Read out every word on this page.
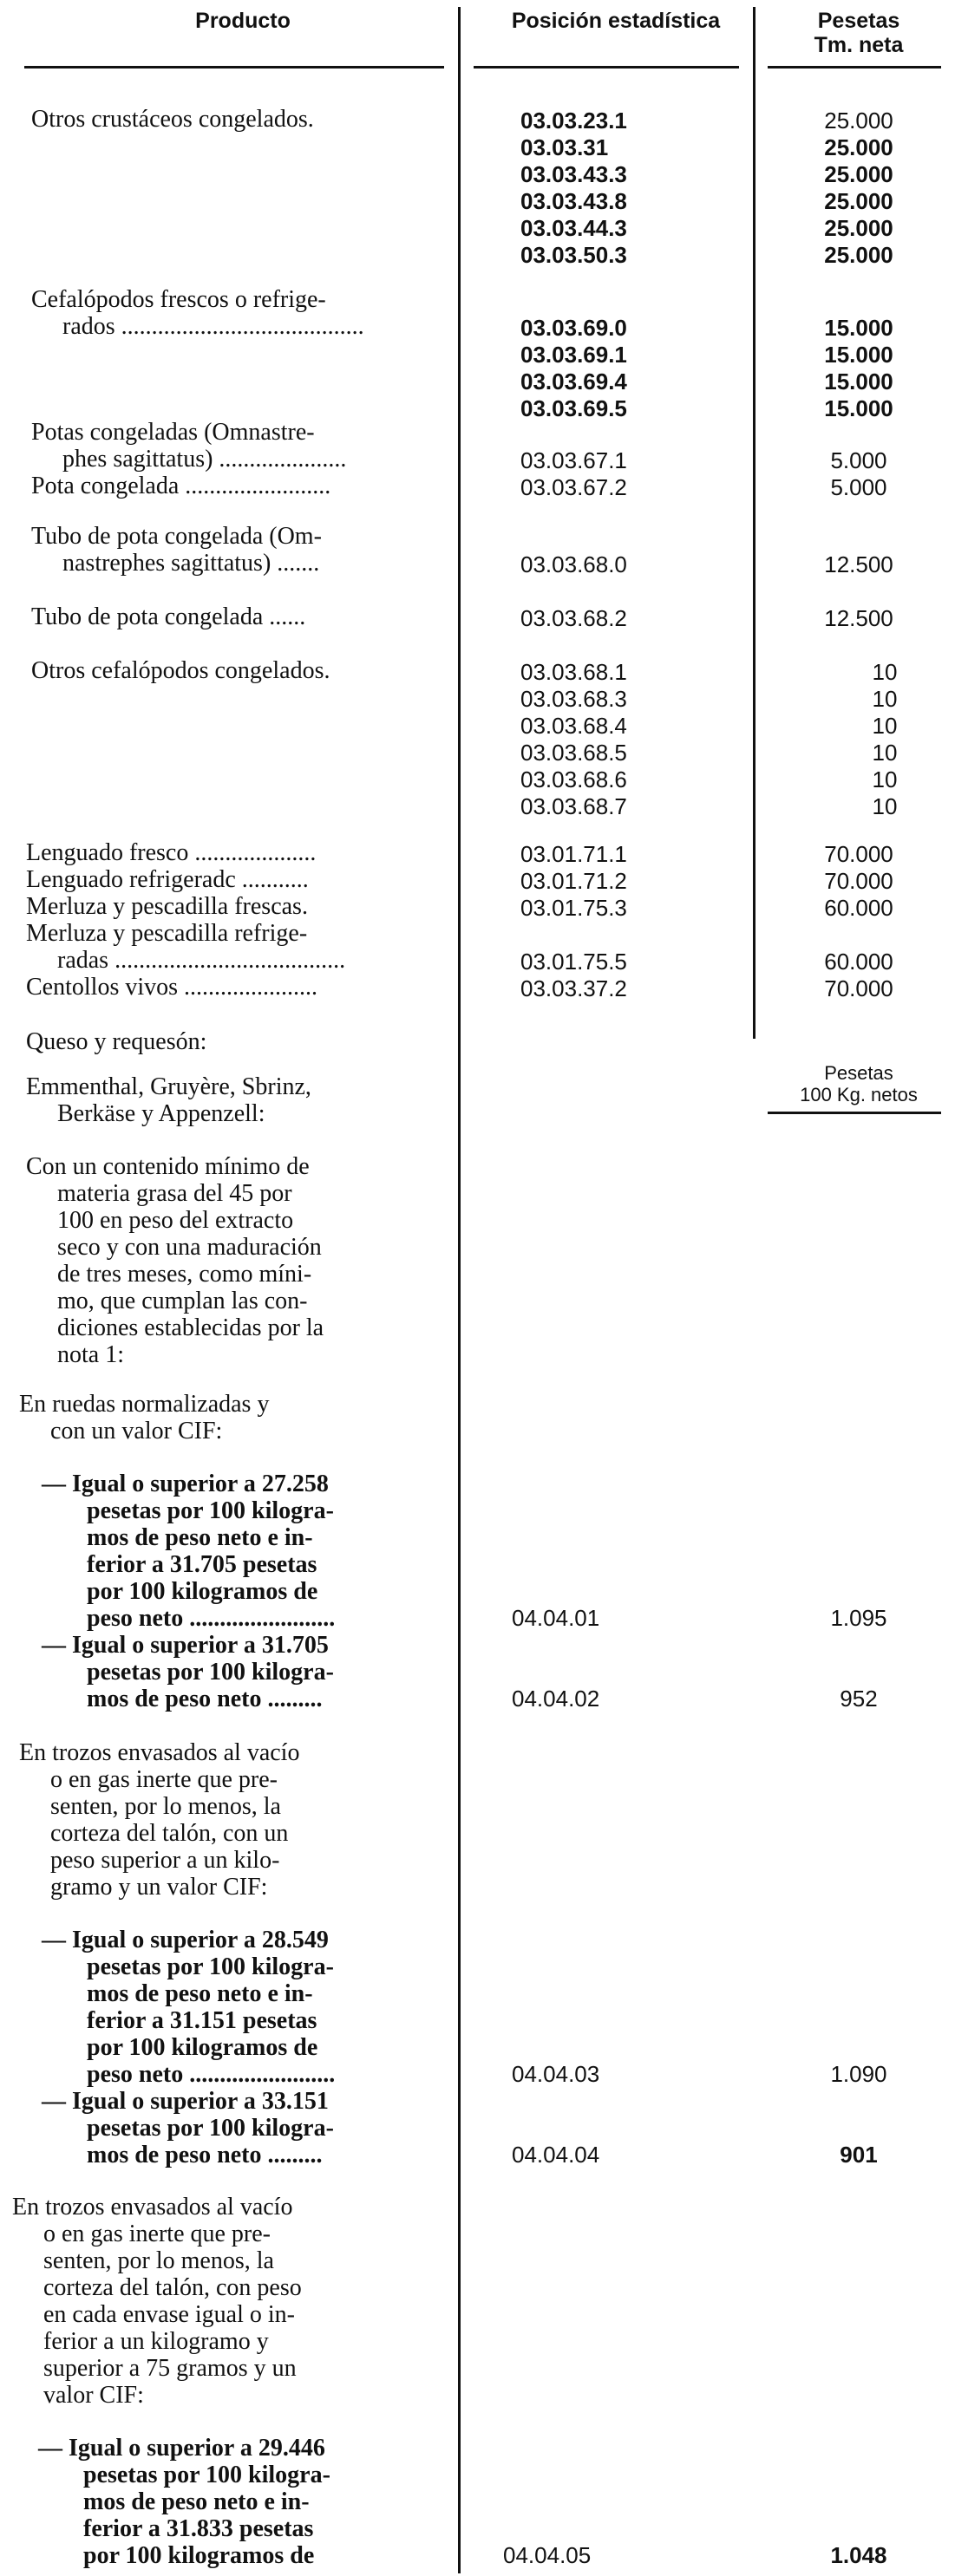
Producto	Posición estadística	Pesetas
Tm. neta
Pesetas
100 Kg. netos
Otros crustáceos congelados.
Cefalópodos frescos o refrige-
rados ........................................
Potas congeladas (Omnastre-
phes sagittatus) .....................
Pota congelada ........................
Tubo de pota congelada (Om-
nastrephes sagittatus) .......
Tubo de pota congelada ......
Otros cefalópodos congelados.
Lenguado fresco ....................
Lenguado refrigeradc ...........
Merluza y pescadilla frescas.
Merluza y pescadilla refrige-
radas ......................................
Centollos vivos ......................
Queso y requesón:
Emmenthal, Gruyère, Sbrinz,
Berkäse y Appenzell:
Con un contenido mínimo de
materia grasa del 45 por
100 en peso del extracto
seco y con una maduración
de tres meses, como míni-
mo, que cumplan las con-
diciones establecidas por la
nota 1:
En ruedas normalizadas y
con un valor CIF:
— Igual o superior a 27.258
pesetas por 100 kilogra-
mos de peso neto e in-
ferior a 31.705 pesetas
por 100 kilogramos de
peso neto ........................
— Igual o superior a 31.705
pesetas por 100 kilogra-
mos de peso neto .........
En trozos envasados al vacío
o en gas inerte que pre-
senten, por lo menos, la
corteza del talón, con un
peso superior a un kilo-
gramo y un valor CIF:
— Igual o superior a 28.549
pesetas por 100 kilogra-
mos de peso neto e in-
ferior a 31.151 pesetas
por 100 kilogramos de
peso neto ........................
— Igual o superior a 33.151
pesetas por 100 kilogra-
mos de peso neto .........
En trozos envasados al vacío
o en gas inerte que pre-
senten, por lo menos, la
corteza del talón, con peso
en cada envase igual o in-
ferior a un kilogramo y
superior a 75 gramos y un
valor CIF:
— Igual o superior a 29.446
pesetas por 100 kilogra-
mos de peso neto e in-
ferior a 31.833 pesetas
por 100 kilogramos de
03.03.23.1
03.03.31
03.03.43.3
03.03.43.8
03.03.44.3
03.03.50.3
03.03.69.0
03.03.69.1
03.03.69.4
03.03.69.5
03.03.67.1
03.03.67.2
03.03.68.0
03.03.68.2
03.03.68.1
03.03.68.3
03.03.68.4
03.03.68.5
03.03.68.6
03.03.68.7
03.01.71.1
03.01.71.2
03.01.75.3
03.01.75.5
03.03.37.2
04.04.01
04.04.02
04.04.03
04.04.04
04.04.05
25.000
25.000
25.000
25.000
25.000
25.000
15.000
15.000
15.000
15.000
5.000
5.000
12.500
12.500
10
10
10
10
10
10
70.000
70.000
60.000
60.000
70.000
1.095
952
1.090
901
1.048
